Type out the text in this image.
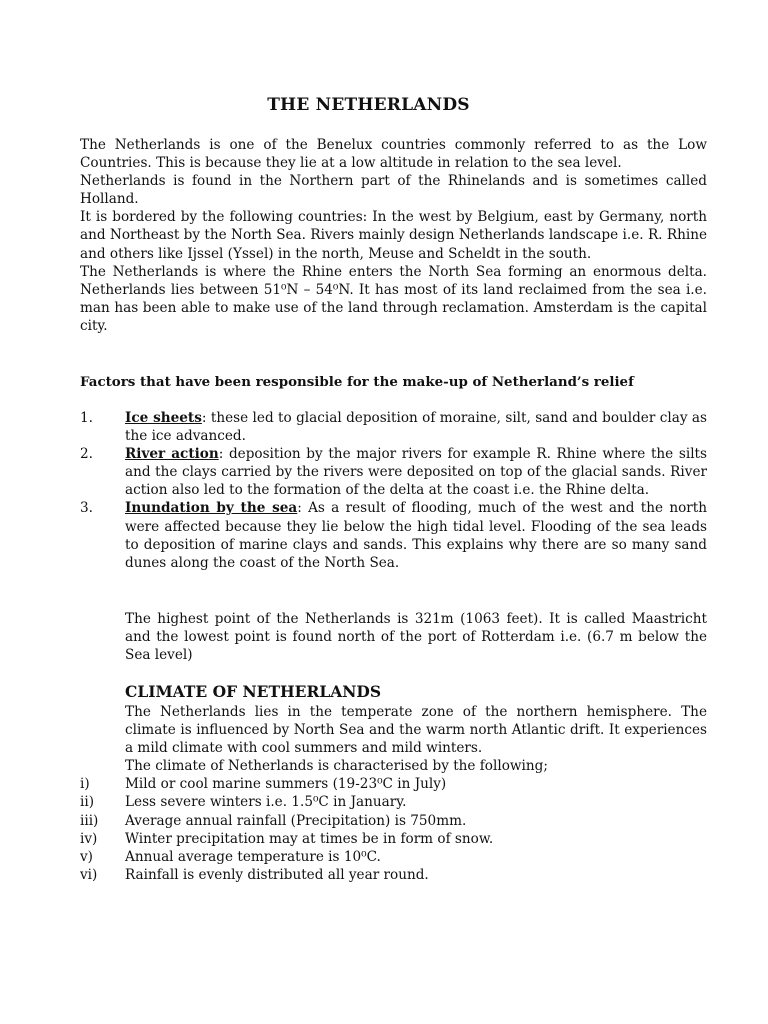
THE NETHERLANDS

The Netherlands is one of the Benelux countries commonly referred to as the Low Countries. This is because they lie at a low altitude in relation to the sea level.

Netherlands is found in the Northern part of the Rhinelands and is sometimes called Holland.

It is bordered by the following countries: In the west by Belgium, east by Germany, north and Northeast by the North Sea. Rivers mainly design Netherlands landscape i.e. R. Rhine and others like Ijssel (Yssel) in the north, Meuse and Scheldt in the south.

The Netherlands is where the Rhine enters the North Sea forming an enormous delta. Netherlands lies between 51⁰N – 54⁰N. It has most of its land reclaimed from the sea i.e. man has been able to make use of the land through reclamation. Amsterdam is the capital city.

Factors that have been responsible for the make-up of Netherland’s relief
1. Ice sheets: these led to glacial deposition of moraine, silt, sand and boulder clay as the ice advanced.

2. River action: deposition by the major rivers for example R. Rhine where the silts and the clays carried by the rivers were deposited on top of the glacial sands. River action also led to the formation of the delta at the coast i.e. the Rhine delta.

3. Inundation by the sea: As a result of flooding, much of the west and the north were affected because they lie below the high tidal level. Flooding of the sea leads to deposition of marine clays and sands. This explains why there are so many sand dunes along the coast of the North Sea.

The highest point of the Netherlands is 321m (1063 feet). It is called Maastricht and the lowest point is found north of the port of Rotterdam i.e. (6.7 m below the Sea level)

CLIMATE OF NETHERLANDS

The Netherlands lies in the temperate zone of the northern hemisphere. The climate is influenced by North Sea and the warm north Atlantic drift. It experiences a mild climate with cool summers and mild winters.

The climate of Netherlands is characterised by the following;

i)	Mild or cool marine summers (19-23⁰C in July)
ii) Less severe winters i.e. 1.5⁰C in January.
iii) Average annual rainfall (Precipitation) is 750mm.
iv) Winter precipitation may at times be in form of snow.
v) Annual average temperature is 10⁰C.
vi) Rainfall is evenly distributed all year round.
